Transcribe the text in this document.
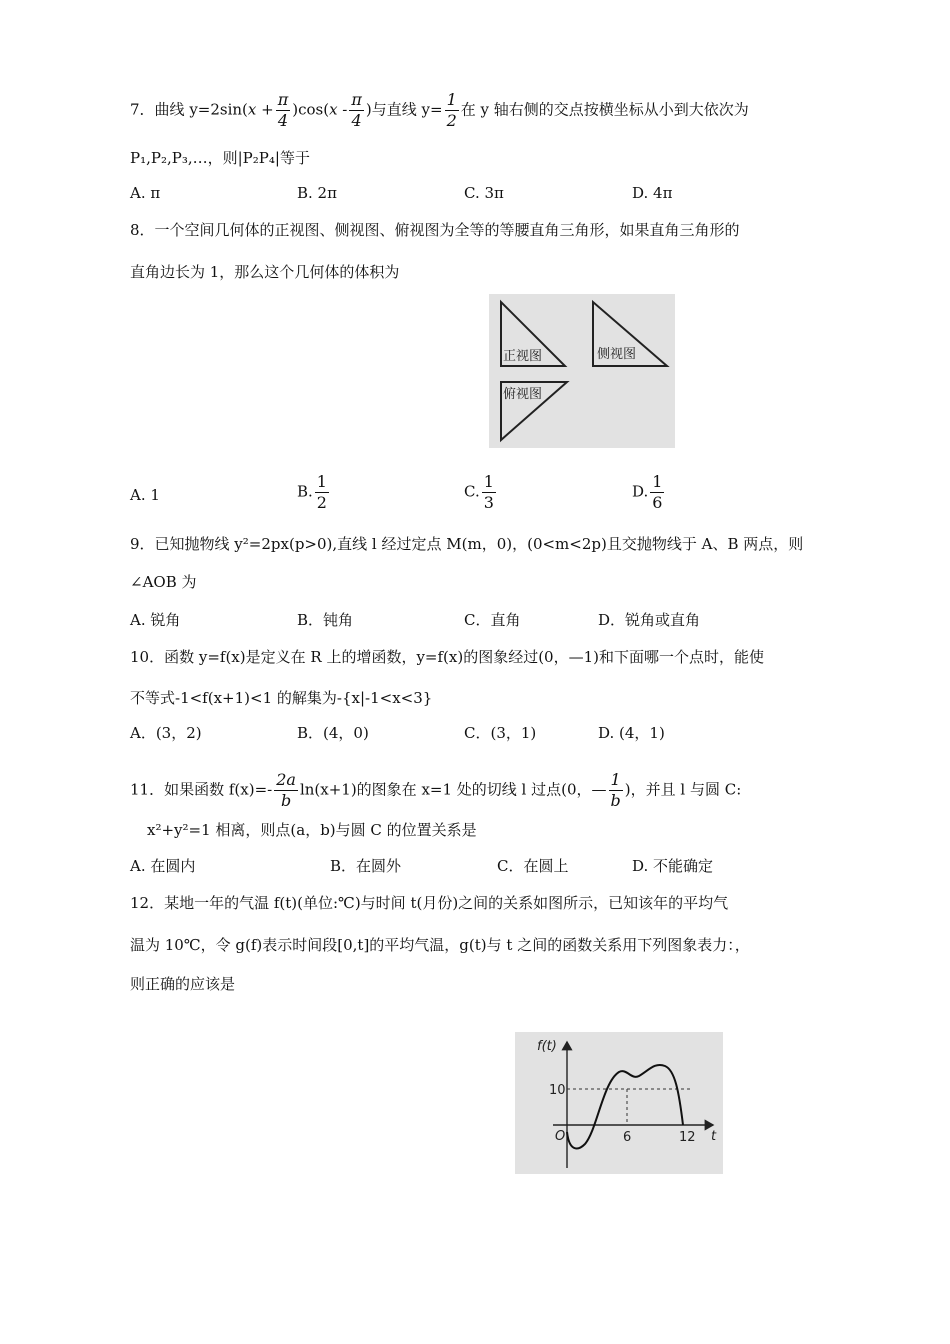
7．曲线 $y=2\sin(x + \frac{\pi}{4} )\cos(x - \frac{\pi}{4}$ )与直线 $y= \frac{1}{2}$ 在 y 轴右侧的交点按横坐标从小到大依次为
P₁,P₂,P₃,…，则|P₂P₄|等于
A. π	B. 2π	C. 3π	D. 4π
8．一个空间几何体的正视图、侧视图、俯视图为全等的等腰直角三角形，如果直角三角形的
直角边长为 1，那么这个几何体的体积为
正视图	侧视图
俯视图
A. 1	B. $\frac{1}{2}$	C. $\frac{1}{3}$	D. $\frac{1}{6}$
9．已知抛物线 y²=2px(p>0),直线 l 经过定点 M(m，0)，(0<m<2p)且交抛物线于 A、B 两点，则
∠AOB 为
A. 锐角	B．钝角	C．直角	D．锐角或直角
10．函数 y=f(x)是定义在 R 上的增函数，y=f(x)的图象经过(0，—1)和下面哪一个点时，能使
不等式-1<f(x+1)<1 的解集为-{x|-1<x<3}
A．(3，2)	B．(4，0)	C．(3，1)	D. (4，1)
11．如果函数 $f(x)=- \frac{2a}{b} \ln(x+1)$的图象在 x=1 处的切线 l 过点(0，— $\frac{1}{b}$ )，并且 l 与圆 C:
x²+y²=1 相离，则点(a，b)与圆 C 的位置关系是
A. 在圆内	B．在圆外	C．在圆上	D. 不能确定
12．某地一年的气温 f(t)(单位:℃)与时间 t(月份)之间的关系如图所示，已知该年的平均气
温为 10℃，令 g(f)表示时间段[0,t]的平均气温，g(t)与 t 之间的函数关系用下列图象表力：，
则正确的应该是
f(t)
t
O
10
6	12
